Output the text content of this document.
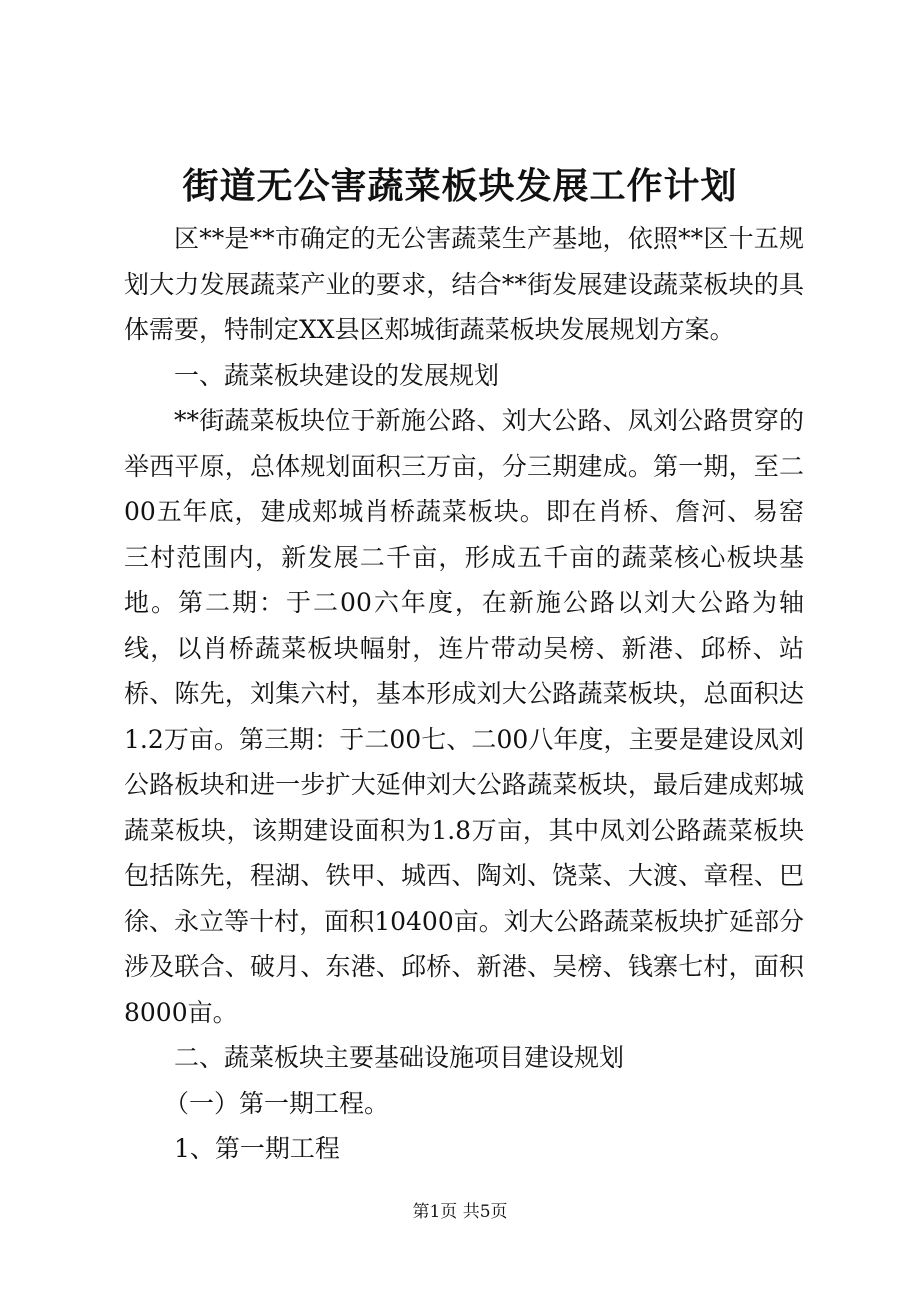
街道无公害蔬菜板块发展工作计划

区**是**市确定的无公害蔬菜生产基地，依照**区十五规划大力发展蔬菜产业的要求，结合**街发展建设蔬菜板块的具体需要，特制定XX县区郏城街蔬菜板块发展规划方案。

一、蔬菜板块建设的发展规划

**街蔬菜板块位于新施公路、刘大公路、凤刘公路贯穿的举西平原，总体规划面积三万亩，分三期建成。第一期，至二00五年底，建成郏城肖桥蔬菜板块。即在肖桥、詹河、易窑三村范围内，新发展二千亩，形成五千亩的蔬菜核心板块基地。第二期：于二00六年度，在新施公路以刘大公路为轴线，以肖桥蔬菜板块幅射，连片带动吴榜、新港、邱桥、站桥、陈先，刘集六村，基本形成刘大公路蔬菜板块，总面积达1.2万亩。第三期：于二00七、二00八年度，主要是建设凤刘公路板块和进一步扩大延伸刘大公路蔬菜板块，最后建成郏城蔬菜板块，该期建设面积为1.8万亩，其中凤刘公路蔬菜板块包括陈先，程湖、铁甲、城西、陶刘、饶菜、大渡、章程、巴徐、永立等十村，面积10400亩。刘大公路蔬菜板块扩延部分涉及联合、破月、东港、邱桥、新港、吴榜、钱寨七村，面积8000亩。

二、蔬菜板块主要基础设施项目建设规划

（一）第一期工程。

1、第一期工程

第1页 共5页
